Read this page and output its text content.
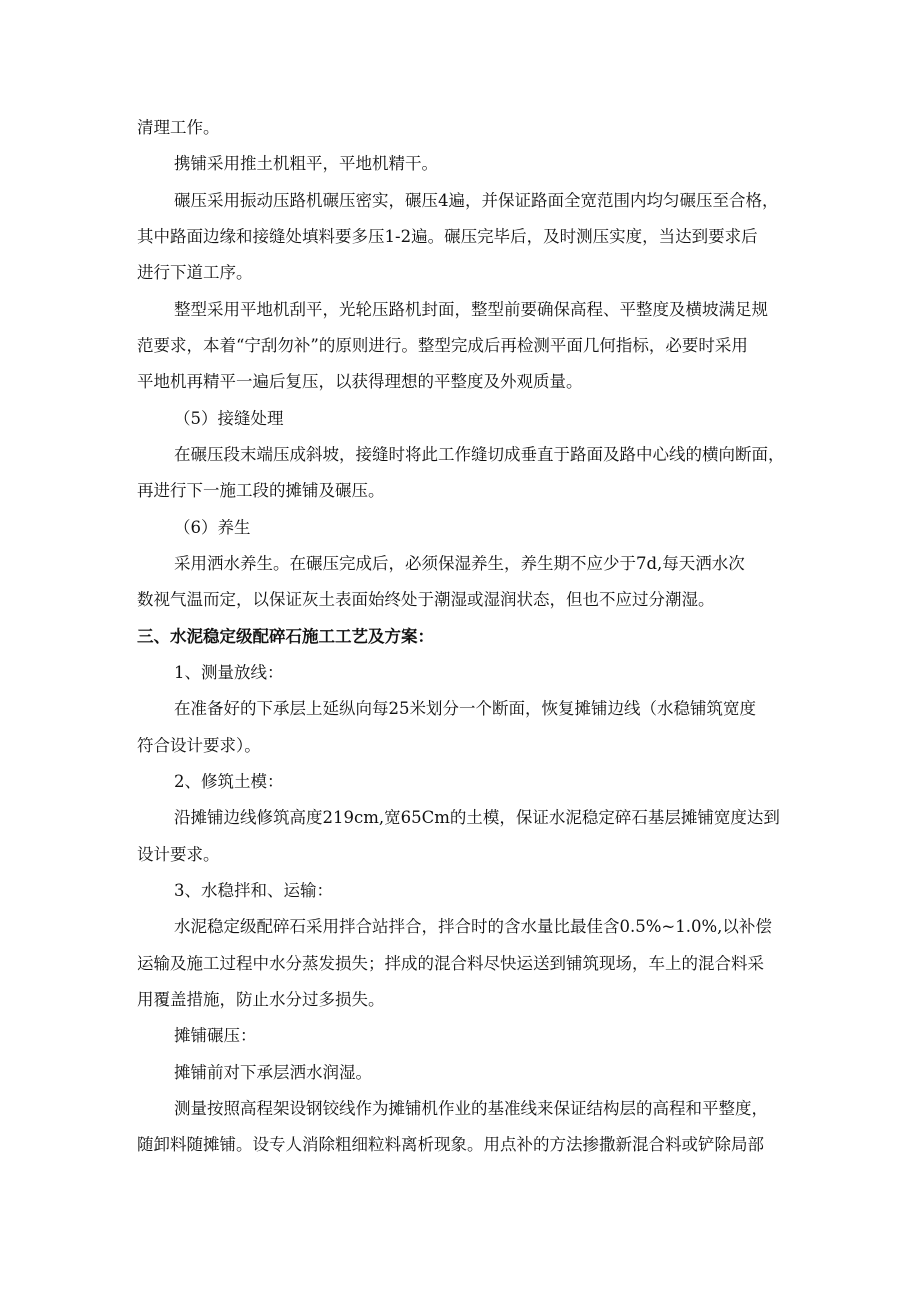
清理工作。
携铺采用推土机粗平，平地机精干。
碾压采用振动压路机碾压密实，碾压4遍，并保证路面全宽范围内均匀碾压至合格，
其中路面边缘和接缝处填料要多压1-2遍。碾压完毕后，及时测压实度，当达到要求后
进行下道工序。
整型采用平地机刮平，光轮压路机封面，整型前要确保高程、平整度及横坡满足规
范要求，本着“宁刮勿补”的原则进行。整型完成后再检测平面几何指标，必要时采用
平地机再精平一遍后复压，以获得理想的平整度及外观质量。
（5）接缝处理
在碾压段末端压成斜坡，接缝时将此工作缝切成垂直于路面及路中心线的横向断面，
再进行下一施工段的摊铺及碾压。
（6）养生
采用洒水养生。在碾压完成后，必须保湿养生，养生期不应少于7d,每天洒水次
数视气温而定，以保证灰土表面始终处于潮湿或湿润状态，但也不应过分潮湿。
三、水泥稳定级配碎石施工工艺及方案：
1、测量放线：
在准备好的下承层上延纵向每25米划分一个断面，恢复摊铺边线（水稳铺筑宽度
符合设计要求）。
2、修筑土模：
沿摊铺边线修筑高度219cm,宽65Cm的土模，保证水泥稳定碎石基层摊铺宽度达到
设计要求。
3、水稳拌和、运输：
水泥稳定级配碎石采用拌合站拌合，拌合时的含水量比最佳含0.5%~1.0%,以补偿
运输及施工过程中水分蒸发损失；拌成的混合料尽快运送到铺筑现场，车上的混合料采
用覆盖措施，防止水分过多损失。
摊铺碾压：
摊铺前对下承层洒水润湿。
测量按照高程架设钢铰线作为摊铺机作业的基准线来保证结构层的高程和平整度，
随卸料随摊铺。设专人消除粗细粒料离析现象。用点补的方法掺撒新混合料或铲除局部
